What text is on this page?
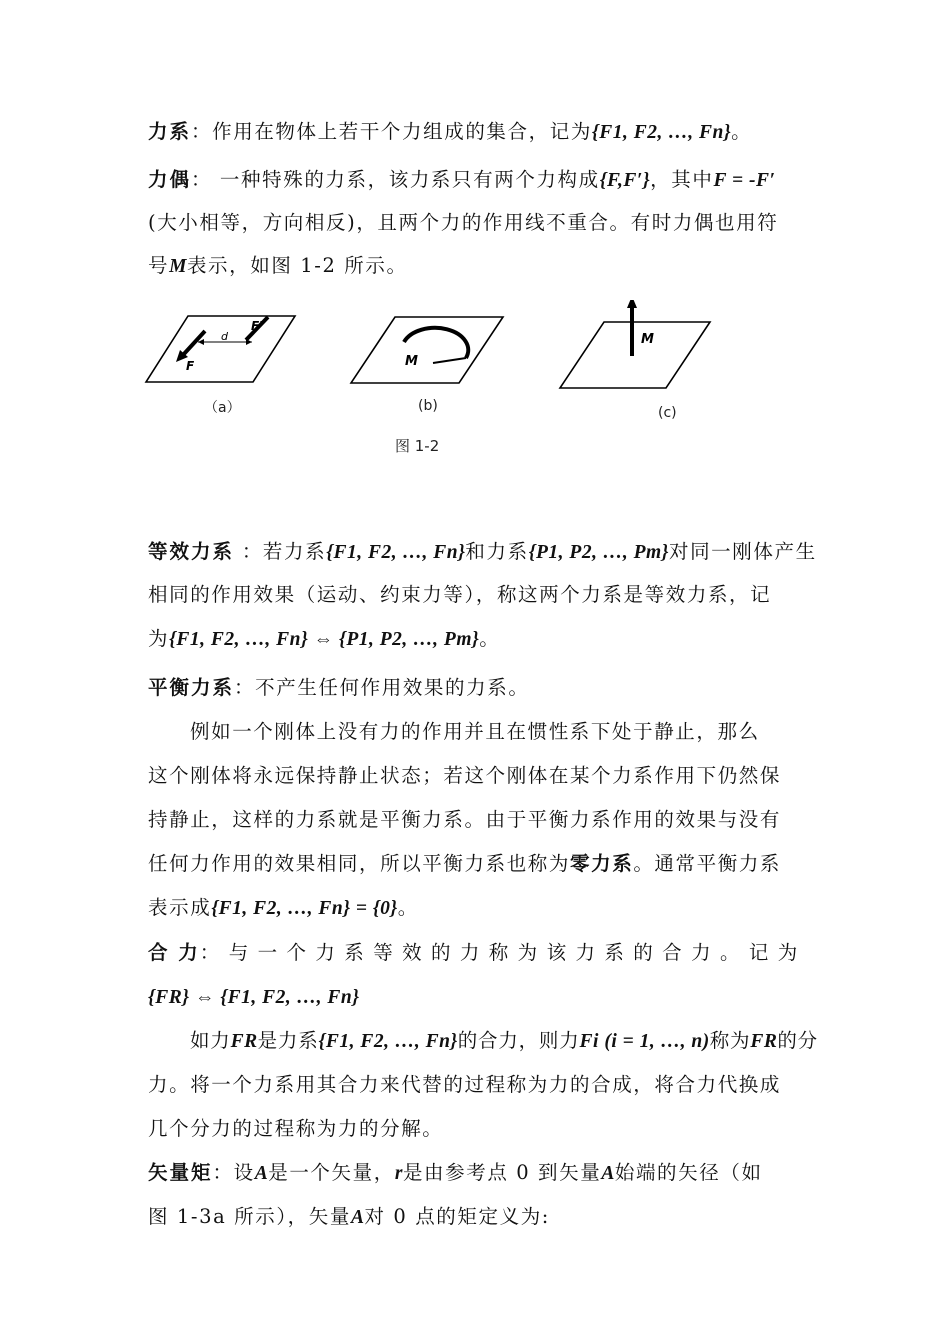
力系：作用在物体上若干个力组成的集合，记为{F1, F2, …, Fn}。
力偶： 一种特殊的力系，该力系只有两个力构成{F,F′}，其中F = -F′
(大小相等，方向相反)，且两个力的作用线不重合。有时力偶也用符
号M表示，如图 1-2 所示。
d
F
F'
M
M
（a）	(b)	(c)
图 1-2
等效力系 ：若力系{F1, F2, …, Fn}和力系{P1, P2, …, Pm}对同一刚体产生
相同的作用效果（运动、约束力等），称这两个力系是等效力系，记
为{F1, F2, …, Fn} ⇔ {P1, P2, …, Pm}。
平衡力系：不产生任何作用效果的力系。
例如一个刚体上没有力的作用并且在惯性系下处于静止，那么
这个刚体将永远保持静止状态；若这个刚体在某个力系作用下仍然保
持静止，这样的力系就是平衡力系。由于平衡力系作用的效果与没有
任何力作用的效果相同，所以平衡力系也称为零力系。通常平衡力系
表示成{F1, F2, …, Fn} = {0}。
合 力： 与 一 个 力 系 等 效 的 力 称 为 该 力 系 的 合 力 。 记 为
{FR} ⇔ {F1, F2, …, Fn}
如力FR是力系{F1, F2, …, Fn}的合力，则力Fi (i = 1, …, n)称为FR的分
力。将一个力系用其合力来代替的过程称为力的合成，将合力代换成
几个分力的过程称为力的分解。
矢量矩：设A是一个矢量，r是由参考点 0 到矢量A始端的矢径（如
图 1-3a 所示），矢量A对 0 点的矩定义为:
